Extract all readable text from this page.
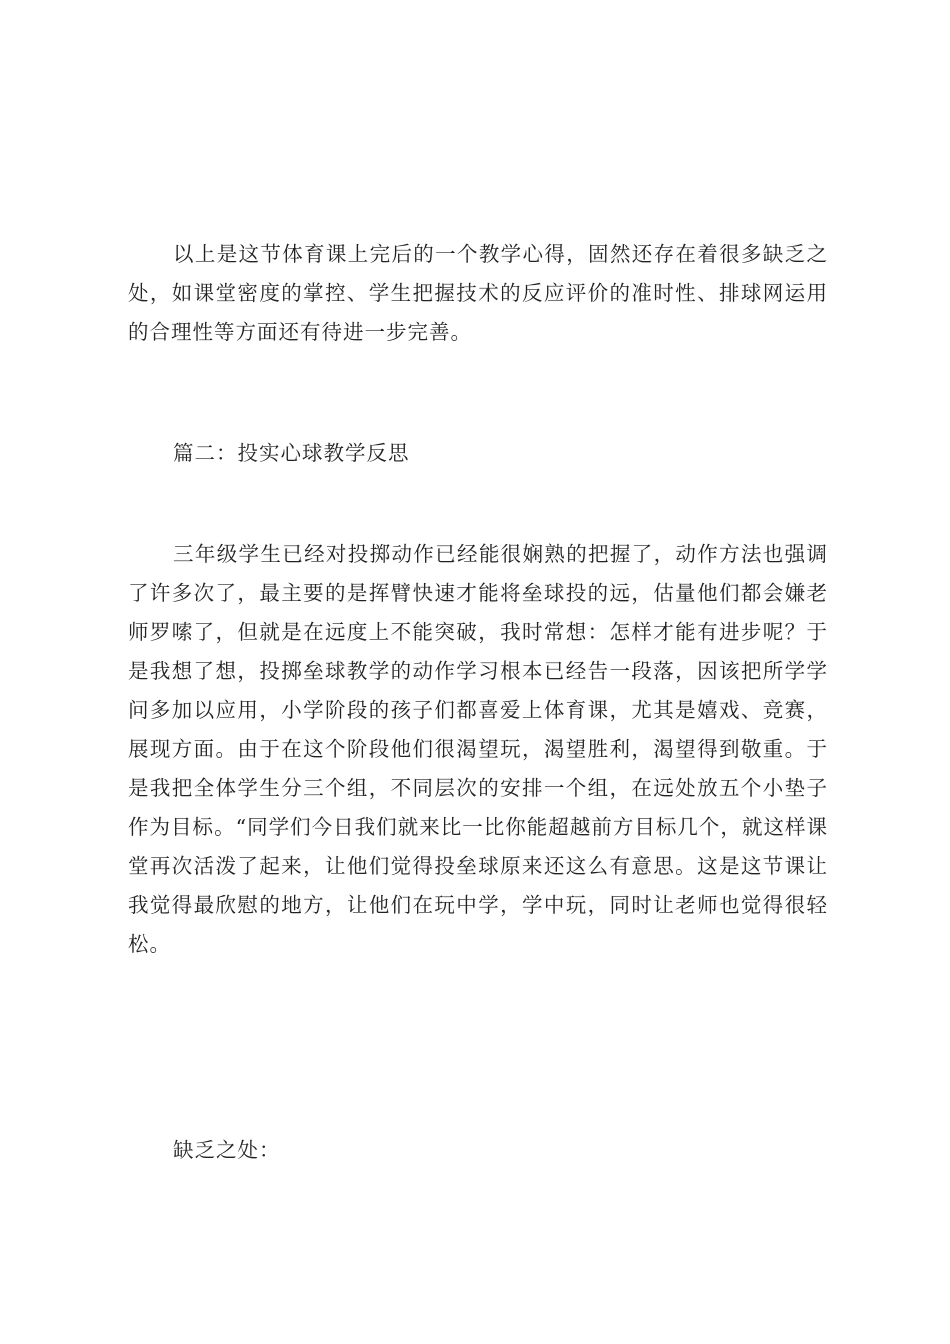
以上是这节体育课上完后的一个教学心得，固然还存在着很多缺乏之处，如课堂密度的掌控、学生把握技术的反应评价的准时性、排球网运用的合理性等方面还有待进一步完善。

篇二：投实心球教学反思

三年级学生已经对投掷动作已经能很娴熟的把握了，动作方法也强调了许多次了，最主要的是挥臂快速才能将垒球投的远，估量他们都会嫌老师罗嗦了，但就是在远度上不能突破，我时常想：怎样才能有进步呢？于是我想了想，投掷垒球教学的动作学习根本已经告一段落，因该把所学学问多加以应用，小学阶段的孩子们都喜爱上体育课，尤其是嬉戏、竞赛，展现方面。由于在这个阶段他们很渴望玩，渴望胜利，渴望得到敬重。于是我把全体学生分三个组，不同层次的安排一个组，在远处放五个小垫子作为目标。“同学们今日我们就来比一比你能超越前方目标几个，就这样课堂再次活泼了起来，让他们觉得投垒球原来还这么有意思。这是这节课让我觉得最欣慰的地方，让他们在玩中学，学中玩，同时让老师也觉得很轻松。

缺乏之处：
